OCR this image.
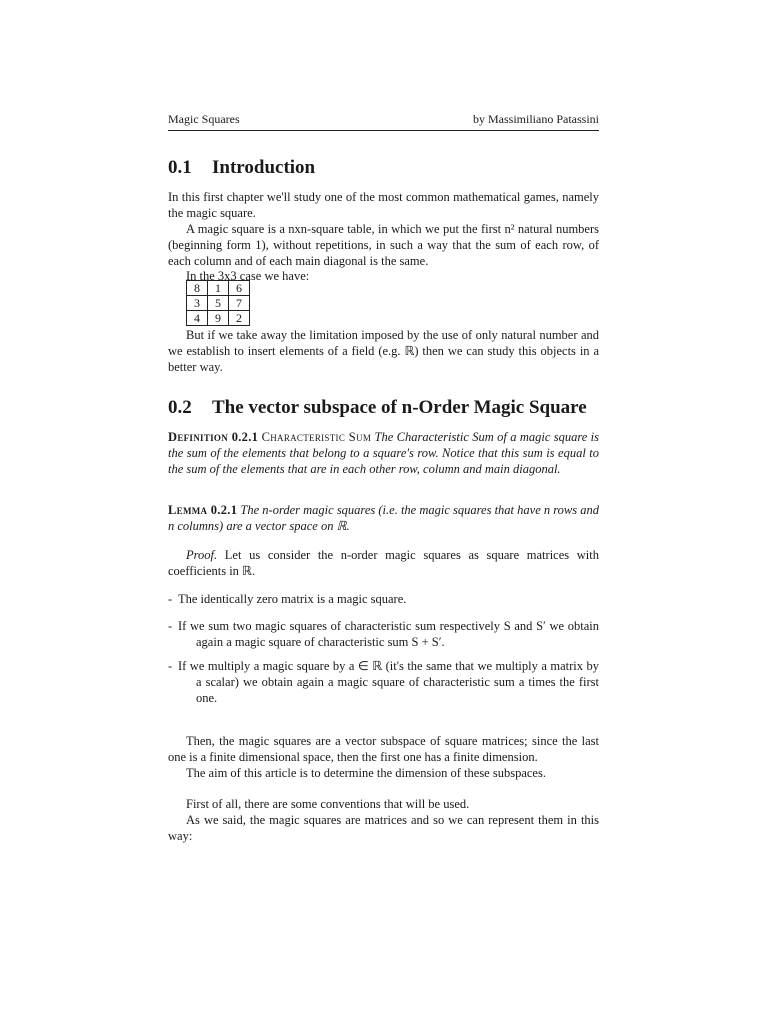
Magic Squares	by Massimiliano Patassini
0.1 Introduction
In this first chapter we'll study one of the most common mathematical games, namely the magic square.
A magic square is a nxn-square table, in which we put the first n² natural numbers (beginning form 1), without repetitions, in such a way that the sum of each row, of each column and of each main diagonal is the same.
In the 3x3 case we have:
8	1	6
3	5	7
4	9	2
But if we take away the limitation imposed by the use of only natural number and we establish to insert elements of a field (e.g. ℝ) then we can study this objects in a better way.
0.2 The vector subspace of n-Order Magic Square
Definition 0.2.1 Characteristic Sum The Characteristic Sum of a magic square is the sum of the elements that belong to a square's row. Notice that this sum is equal to the sum of the elements that are in each other row, column and main diagonal.
Lemma 0.2.1 The n-order magic squares (i.e. the magic squares that have n rows and n columns) are a vector space on ℝ.
Proof. Let us consider the n-order magic squares as square matrices with coefficients in ℝ.
- The identically zero matrix is a magic square.
- If we sum two magic squares of characteristic sum respectively S and S′ we obtain again a magic square of characteristic sum S + S′.
- If we multiply a magic square by a ∈ ℝ (it's the same that we multiply a matrix by a scalar) we obtain again a magic square of characteristic sum a times the first one.
Then, the magic squares are a vector subspace of square matrices; since the last one is a finite dimensional space, then the first one has a finite dimension.
The aim of this article is to determine the dimension of these subspaces.
First of all, there are some conventions that will be used.
As we said, the magic squares are matrices and so we can represent them in this way:
